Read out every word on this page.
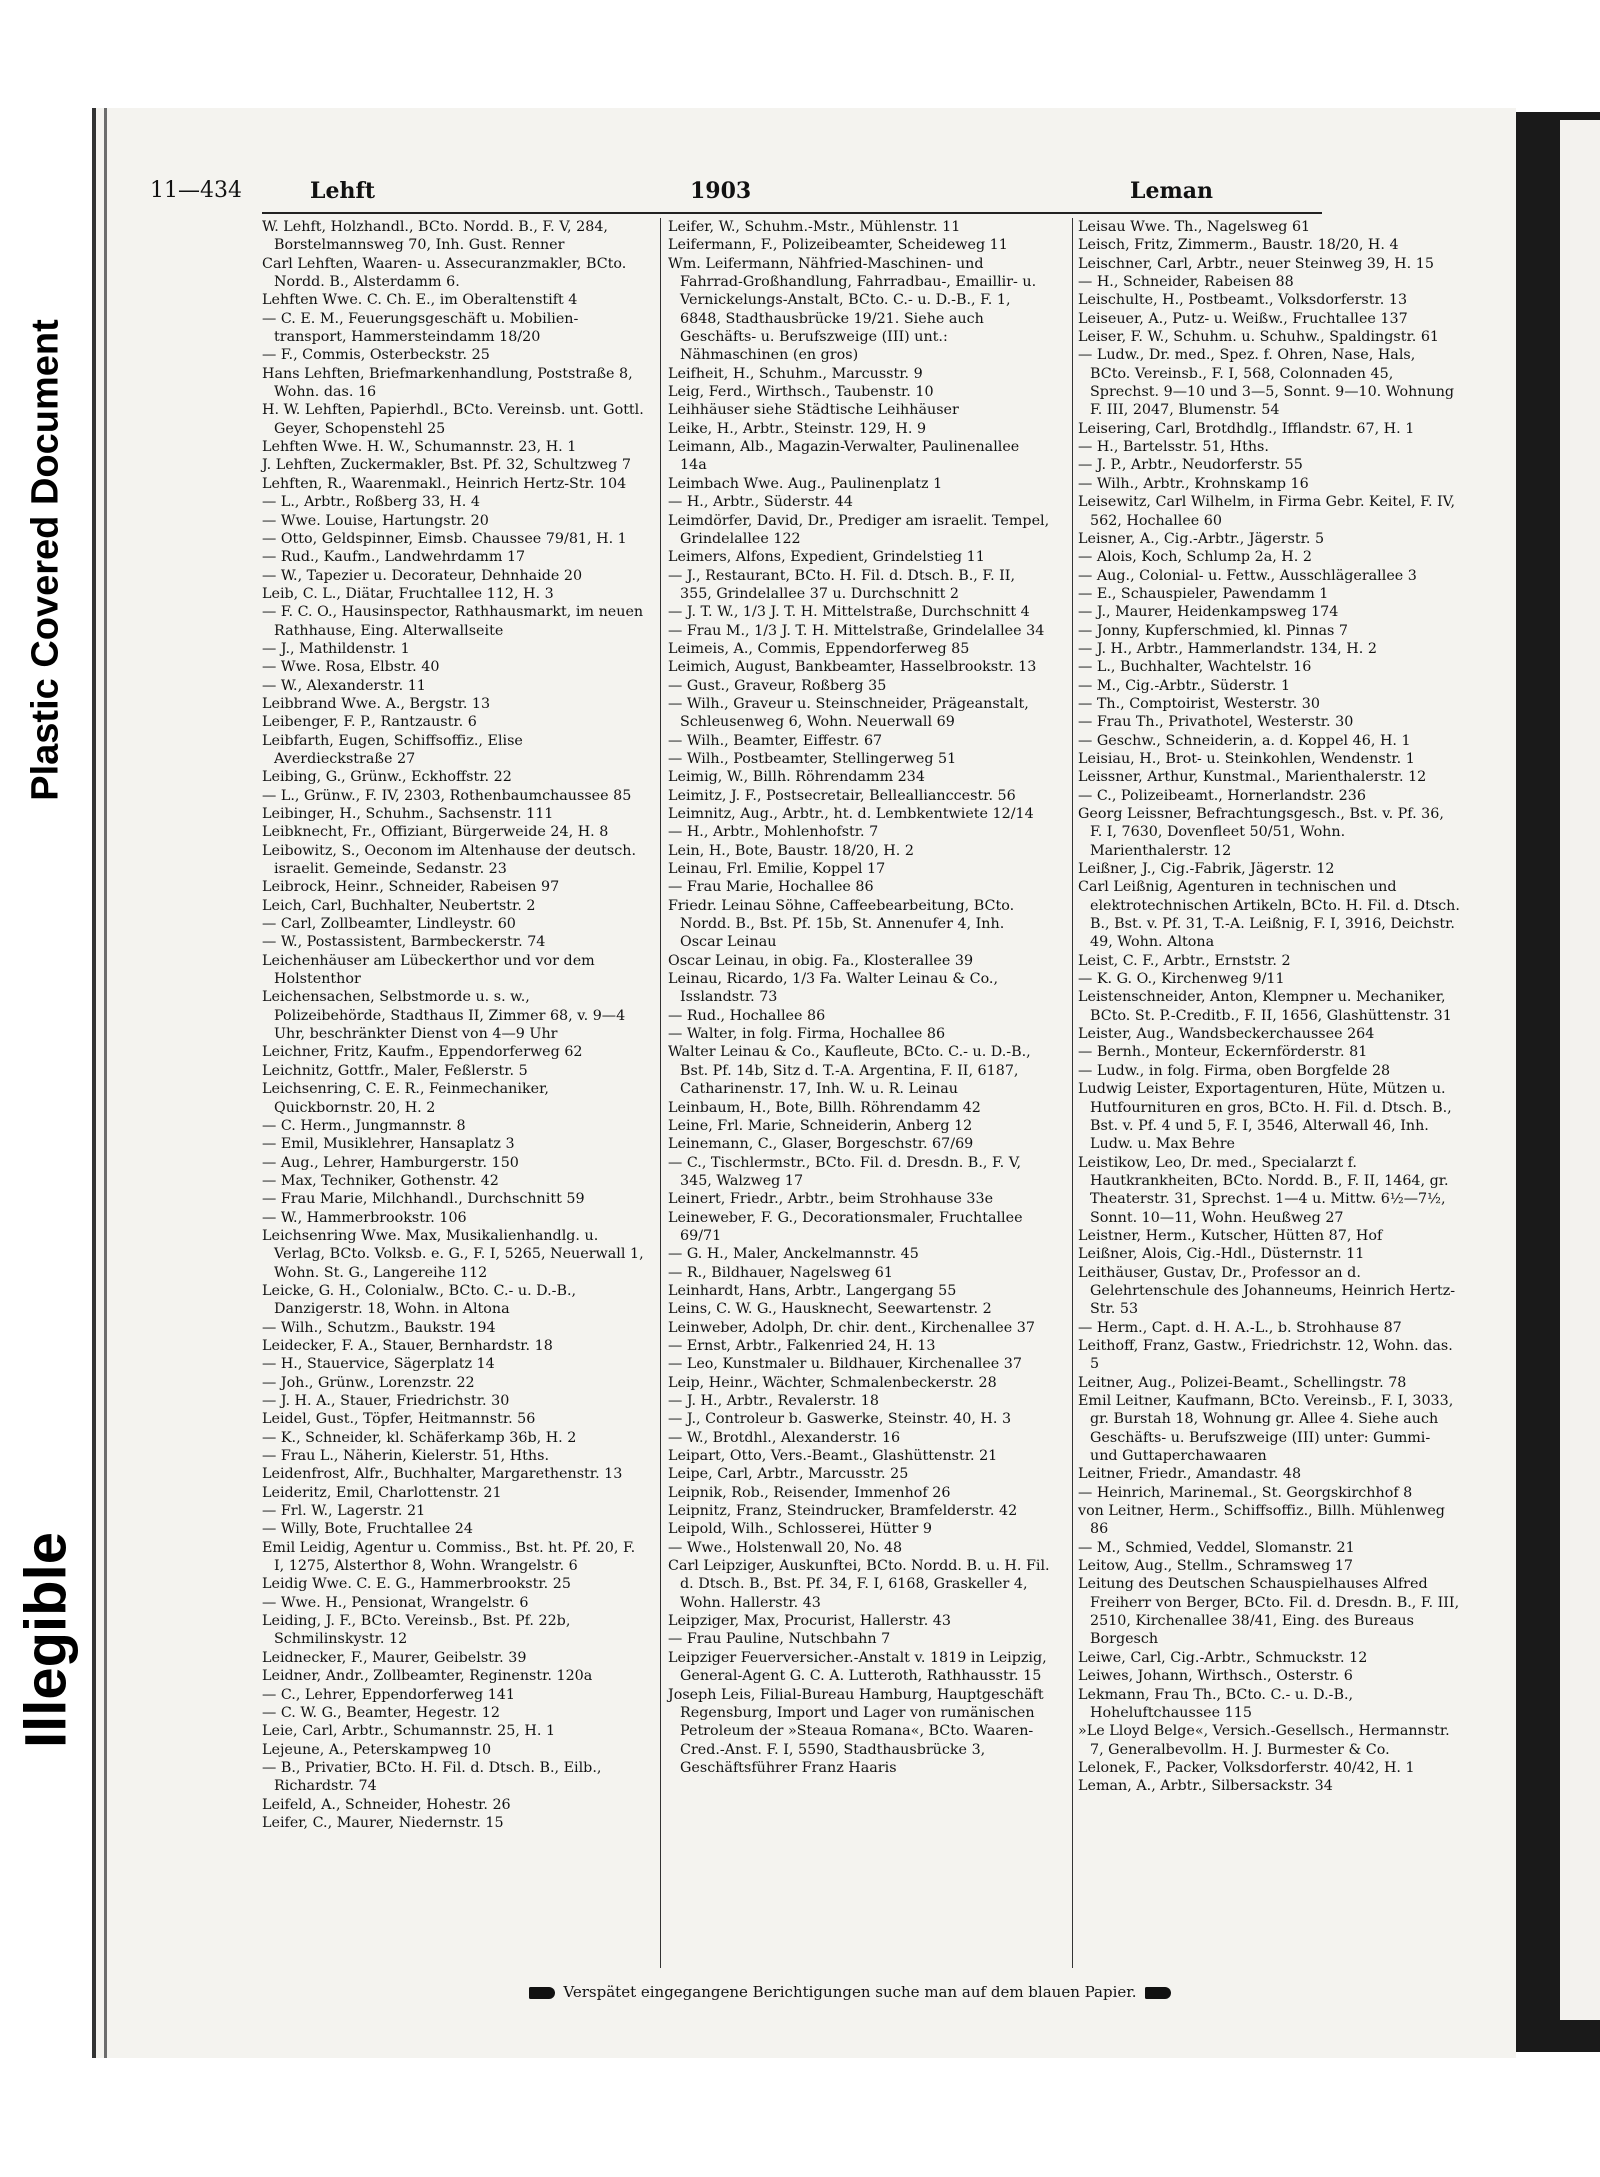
Plastic Covered Document
Illegible
11—434	Lehft	1903	Leman

W. Lehft, Holzhandl., BCto. Nordd. B., F. V, 284, Borstelmannsweg 70, Inh. Gust. Renner

Carl Lehften, Waaren- u. Assecuranzmakler, BCto. Nordd. B., Alsterdamm 6.

Lehften Wwe. C. Ch. E., im Oberaltenstift 4

— C. E. M., Feuerungsgeschäft u. Mobilien-transport, Hammersteindamm 18/20

— F., Commis, Osterbeckstr. 25

Hans Lehften, Briefmarkenhandlung, Poststraße 8, Wohn. das. 16

H. W. Lehften, Papierhdl., BCto. Vereinsb. unt. Gottl. Geyer, Schopenstehl 25

Lehften Wwe. H. W., Schumannstr. 23, H. 1

J. Lehften, Zuckermakler, Bst. Pf. 32, Schultzweg 7

Lehften, R., Waarenmakl., Heinrich Hertz-Str. 104

— L., Arbtr., Roßberg 33, H. 4

— Wwe. Louise, Hartungstr. 20

— Otto, Geldspinner, Eimsb. Chaussee 79/81, H. 1

— Rud., Kaufm., Landwehrdamm 17

— W., Tapezier u. Decorateur, Dehnhaide 20

Leib, C. L., Diätar, Fruchtallee 112, H. 3

— F. C. O., Hausinspector, Rathhausmarkt, im neuen Rathhause, Eing. Alterwallseite

— J., Mathildenstr. 1

— Wwe. Rosa, Elbstr. 40

— W., Alexanderstr. 11

Leibbrand Wwe. A., Bergstr. 13

Leibenger, F. P., Rantzaustr. 6

Leibfarth, Eugen, Schiffsoffiz., Elise Averdieckstraße 27

Leibing, G., Grünw., Eckhoffstr. 22

— L., Grünw., F. IV, 2303, Rothenbaumchaussee 85

Leibinger, H., Schuhm., Sachsenstr. 111

Leibknecht, Fr., Offiziant, Bürgerweide 24, H. 8

Leibowitz, S., Oeconom im Altenhause der deutsch. israelit. Gemeinde, Sedanstr. 23

Leibrock, Heinr., Schneider, Rabeisen 97

Leich, Carl, Buchhalter, Neubertstr. 2

— Carl, Zollbeamter, Lindleystr. 60

— W., Postassistent, Barmbeckerstr. 74

Leichenhäuser am Lübeckerthor und vor dem Holstenthor

Leichensachen, Selbstmorde u. s. w., Polizeibehörde, Stadthaus II, Zimmer 68, v. 9—4 Uhr, beschränkter Dienst von 4—9 Uhr

Leichner, Fritz, Kaufm., Eppendorferweg 62

Leichnitz, Gottfr., Maler, Feßlerstr. 5

Leichsenring, C. E. R., Feinmechaniker, Quickbornstr. 20, H. 2

— C. Herm., Jungmannstr. 8

— Emil, Musiklehrer, Hansaplatz 3

— Aug., Lehrer, Hamburgerstr. 150

— Max, Techniker, Gothenstr. 42

— Frau Marie, Milchhandl., Durchschnitt 59

— W., Hammerbrookstr. 106

Leichsenring Wwe. Max, Musikalienhandlg. u. Verlag, BCto. Volksb. e. G., F. I, 5265, Neuerwall 1, Wohn. St. G., Langereihe 112

Leicke, G. H., Colonialw., BCto. C.- u. D.-B., Danzigerstr. 18, Wohn. in Altona

— Wilh., Schutzm., Baukstr. 194

Leidecker, F. A., Stauer, Bernhardstr. 18

— H., Stauervice, Sägerplatz 14

— Joh., Grünw., Lorenzstr. 22

— J. H. A., Stauer, Friedrichstr. 30

Leidel, Gust., Töpfer, Heitmannstr. 56

— K., Schneider, kl. Schäferkamp 36b, H. 2

— Frau L., Näherin, Kielerstr. 51, Hths.

Leidenfrost, Alfr., Buchhalter, Margarethenstr. 13

Leideritz, Emil, Charlottenstr. 21

— Frl. W., Lagerstr. 21

— Willy, Bote, Fruchtallee 24

Emil Leidig, Agentur u. Commiss., Bst. ht. Pf. 20, F. I, 1275, Alsterthor 8, Wohn. Wrangelstr. 6

Leidig Wwe. C. E. G., Hammerbrookstr. 25

— Wwe. H., Pensionat, Wrangelstr. 6

Leiding, J. F., BCto. Vereinsb., Bst. Pf. 22b, Schmilinskystr. 12

Leidnecker, F., Maurer, Geibelstr. 39

Leidner, Andr., Zollbeamter, Reginenstr. 120a

— C., Lehrer, Eppendorferweg 141

— C. W. G., Beamter, Hegestr. 12

Leie, Carl, Arbtr., Schumannstr. 25, H. 1

Lejeune, A., Peterskampweg 10

— B., Privatier, BCto. H. Fil. d. Dtsch. B., Eilb., Richardstr. 74

Leifeld, A., Schneider, Hohestr. 26

Leifer, C., Maurer, Niedernstr. 15

Leifer, W., Schuhm.-Mstr., Mühlenstr. 11

Leifermann, F., Polizeibeamter, Scheideweg 11

Wm. Leifermann, Nähfried-Maschinen- und Fahrrad-Großhandlung, Fahrradbau-, Emaillir- u. Vernickelungs-Anstalt, BCto. C.- u. D.-B., F. 1, 6848, Stadthausbrücke 19/21. Siehe auch Geschäfts- u. Berufszweige (III) unt.: Nähmaschinen (en gros)

Leifheit, H., Schuhm., Marcusstr. 9

Leig, Ferd., Wirthsch., Taubenstr. 10

Leihhäuser siehe Städtische Leihhäuser

Leike, H., Arbtr., Steinstr. 129, H. 9

Leimann, Alb., Magazin-Verwalter, Paulinenallee 14a

Leimbach Wwe. Aug., Paulinenplatz 1

— H., Arbtr., Süderstr. 44

Leimdörfer, David, Dr., Prediger am israelit. Tempel, Grindelallee 122

Leimers, Alfons, Expedient, Grindelstieg 11

— J., Restaurant, BCto. H. Fil. d. Dtsch. B., F. II, 355, Grindelallee 37 u. Durchschnitt 2

— J. T. W., 1/3 J. T. H. Mittelstraße, Durchschnitt 4

— Frau M., 1/3 J. T. H. Mittelstraße, Grindelallee 34

Leimeis, A., Commis, Eppendorferweg 85

Leimich, August, Bankbeamter, Hasselbrookstr. 13

— Gust., Graveur, Roßberg 35

— Wilh., Graveur u. Steinschneider, Prägeanstalt, Schleusenweg 6, Wohn. Neuerwall 69

— Wilh., Beamter, Eiffestr. 67

— Wilh., Postbeamter, Stellingerweg 51

Leimig, W., Billh. Röhrendamm 234

Leimitz, J. F., Postsecretair, Belleallianccestr. 56

Leimnitz, Aug., Arbtr., ht. d. Lembkentwiete 12/14

— H., Arbtr., Mohlenhofstr. 7

Lein, H., Bote, Baustr. 18/20, H. 2

Leinau, Frl. Emilie, Koppel 17

— Frau Marie, Hochallee 86

Friedr. Leinau Söhne, Caffeebearbeitung, BCto. Nordd. B., Bst. Pf. 15b, St. Annenufer 4, Inh. Oscar Leinau

Oscar Leinau, in obig. Fa., Klosterallee 39

Leinau, Ricardo, 1/3 Fa. Walter Leinau & Co., Isslandstr. 73

— Rud., Hochallee 86

— Walter, in folg. Firma, Hochallee 86

Walter Leinau & Co., Kaufleute, BCto. C.- u. D.-B., Bst. Pf. 14b, Sitz d. T.-A. Argentina, F. II, 6187, Catharinenstr. 17, Inh. W. u. R. Leinau

Leinbaum, H., Bote, Billh. Röhrendamm 42

Leine, Frl. Marie, Schneiderin, Anberg 12

Leinemann, C., Glaser, Borgeschstr. 67/69

— C., Tischlermstr., BCto. Fil. d. Dresdn. B., F. V, 345, Walzweg 17

Leinert, Friedr., Arbtr., beim Strohhause 33e

Leineweber, F. G., Decorationsmaler, Fruchtallee 69/71

— G. H., Maler, Anckelmannstr. 45

— R., Bildhauer, Nagelsweg 61

Leinhardt, Hans, Arbtr., Langergang 55

Leins, C. W. G., Hausknecht, Seewartenstr. 2

Leinweber, Adolph, Dr. chir. dent., Kirchenallee 37

— Ernst, Arbtr., Falkenried 24, H. 13

— Leo, Kunstmaler u. Bildhauer, Kirchenallee 37

Leip, Heinr., Wächter, Schmalenbeckerstr. 28

— J. H., Arbtr., Revalerstr. 18

— J., Controleur b. Gaswerke, Steinstr. 40, H. 3

— W., Brotdhl., Alexanderstr. 16

Leipart, Otto, Vers.-Beamt., Glashüttenstr. 21

Leipe, Carl, Arbtr., Marcusstr. 25

Leipnik, Rob., Reisender, Immenhof 26

Leipnitz, Franz, Steindrucker, Bramfelderstr. 42

Leipold, Wilh., Schlosserei, Hütter 9

— Wwe., Holstenwall 20, No. 48

Carl Leipziger, Auskunftei, BCto. Nordd. B. u. H. Fil. d. Dtsch. B., Bst. Pf. 34, F. I, 6168, Graskeller 4, Wohn. Hallerstr. 43

Leipziger, Max, Procurist, Hallerstr. 43

— Frau Pauline, Nutschbahn 7

Leipziger Feuerversicher.-Anstalt v. 1819 in Leipzig, General-Agent G. C. A. Lutteroth, Rathhausstr. 15

Joseph Leis, Filial-Bureau Hamburg, Hauptgeschäft Regensburg, Import und Lager von rumänischen Petroleum der »Steaua Romana«, BCto. Waaren-Cred.-Anst. F. I, 5590, Stadthausbrücke 3, Geschäftsführer Franz Haaris

Leisau Wwe. Th., Nagelsweg 61

Leisch, Fritz, Zimmerm., Baustr. 18/20, H. 4

Leischner, Carl, Arbtr., neuer Steinweg 39, H. 15

— H., Schneider, Rabeisen 88

Leischulte, H., Postbeamt., Volksdorferstr. 13

Leiseuer, A., Putz- u. Weißw., Fruchtallee 137

Leiser, F. W., Schuhm. u. Schuhw., Spaldingstr. 61

— Ludw., Dr. med., Spez. f. Ohren, Nase, Hals, BCto. Vereinsb., F. I, 568, Colonnaden 45, Sprechst. 9—10 und 3—5, Sonnt. 9—10. Wohnung F. III, 2047, Blumenstr. 54

Leisering, Carl, Brotdhdlg., Ifflandstr. 67, H. 1

— H., Bartelsstr. 51, Hths.

— J. P., Arbtr., Neudorferstr. 55

— Wilh., Arbtr., Krohnskamp 16

Leisewitz, Carl Wilhelm, in Firma Gebr. Keitel, F. IV, 562, Hochallee 60

Leisner, A., Cig.-Arbtr., Jägerstr. 5

— Alois, Koch, Schlump 2a, H. 2

— Aug., Colonial- u. Fettw., Ausschlägerallee 3

— E., Schauspieler, Pawendamm 1

— J., Maurer, Heidenkampsweg 174

— Jonny, Kupferschmied, kl. Pinnas 7

— J. H., Arbtr., Hammerlandstr. 134, H. 2

— L., Buchhalter, Wachtelstr. 16

— M., Cig.-Arbtr., Süderstr. 1

— Th., Comptoirist, Westerstr. 30

— Frau Th., Privathotel, Westerstr. 30

— Geschw., Schneiderin, a. d. Koppel 46, H. 1

Leisiau, H., Brot- u. Steinkohlen, Wendenstr. 1

Leissner, Arthur, Kunstmal., Marienthalerstr. 12

— C., Polizeibeamt., Hornerlandstr. 236

Georg Leissner, Befrachtungsgesch., Bst. v. Pf. 36, F. I, 7630, Dovenfleet 50/51, Wohn. Marienthalerstr. 12

Leißner, J., Cig.-Fabrik, Jägerstr. 12

Carl Leißnig, Agenturen in technischen und elektrotechnischen Artikeln, BCto. H. Fil. d. Dtsch. B., Bst. v. Pf. 31, T.-A. Leißnig, F. I, 3916, Deichstr. 49, Wohn. Altona

Leist, C. F., Arbtr., Ernststr. 2

— K. G. O., Kirchenweg 9/11

Leistenschneider, Anton, Klempner u. Mechaniker, BCto. St. P.-Creditb., F. II, 1656, Glashüttenstr. 31

Leister, Aug., Wandsbeckerchaussee 264

— Bernh., Monteur, Eckernförderstr. 81

— Ludw., in folg. Firma, oben Borgfelde 28

Ludwig Leister, Exportagenturen, Hüte, Mützen u. Hutfournituren en gros, BCto. H. Fil. d. Dtsch. B., Bst. v. Pf. 4 und 5, F. I, 3546, Alterwall 46, Inh. Ludw. u. Max Behre

Leistikow, Leo, Dr. med., Specialarzt f. Hautkrankheiten, BCto. Nordd. B., F. II, 1464, gr. Theaterstr. 31, Sprechst. 1—4 u. Mittw. 6½—7½, Sonnt. 10—11, Wohn. Heußweg 27

Leistner, Herm., Kutscher, Hütten 87, Hof

Leißner, Alois, Cig.-Hdl., Düsternstr. 11

Leithäuser, Gustav, Dr., Professor an d. Gelehrtenschule des Johanneums, Heinrich Hertz-Str. 53

— Herm., Capt. d. H. A.-L., b. Strohhause 87

Leithoff, Franz, Gastw., Friedrichstr. 12, Wohn. das. 5

Leitner, Aug., Polizei-Beamt., Schellingstr. 78

Emil Leitner, Kaufmann, BCto. Vereinsb., F. I, 3033, gr. Burstah 18, Wohnung gr. Allee 4. Siehe auch Geschäfts- u. Berufszweige (III) unter: Gummi- und Guttaperchawaaren

Leitner, Friedr., Amandastr. 48

— Heinrich, Marinemal., St. Georgskirchhof 8

von Leitner, Herm., Schiffsoffiz., Billh. Mühlenweg 86

— M., Schmied, Veddel, Slomanstr. 21

Leitow, Aug., Stellm., Schramsweg 17

Leitung des Deutschen Schauspielhauses Alfred Freiherr von Berger, BCto. Fil. d. Dresdn. B., F. III, 2510, Kirchenallee 38/41, Eing. des Bureaus Borgesch

Leiwe, Carl, Cig.-Arbtr., Schmuckstr. 12

Leiwes, Johann, Wirthsch., Osterstr. 6

Lekmann, Frau Th., BCto. C.- u. D.-B., Hoheluftchaussee 115

»Le Lloyd Belge«, Versich.-Gesellsch., Hermannstr. 7, Generalbevollm. H. J. Burmester & Co.

Lelonek, F., Packer, Volksdorferstr. 40/42, H. 1

Leman, A., Arbtr., Silbersackstr. 34

Verspätet eingegangene Berichtigungen suche man auf dem blauen Papier.
